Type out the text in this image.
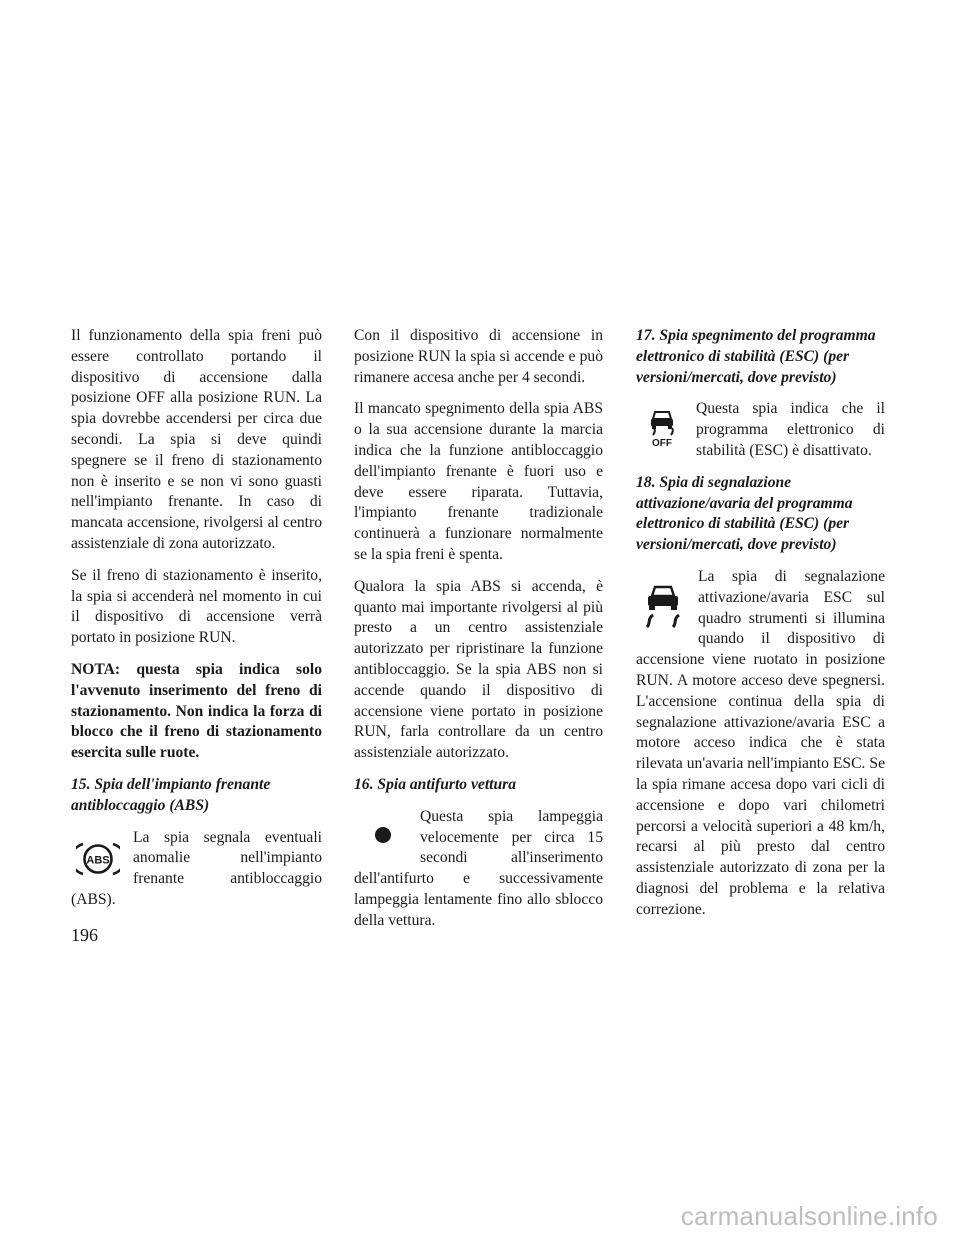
Il funzionamento della spia freni può essere controllato portando il dispositivo di accensione dalla posizione OFF alla posizione RUN. La spia dovrebbe accendersi per circa due secondi. La spia si deve quindi spegnere se il freno di stazionamento non è inserito e se non vi sono guasti nell'impianto frenante. In caso di mancata accensione, rivolgersi al centro assistenziale di zona autorizzato.

Se il freno di stazionamento è inserito, la spia si accenderà nel momento in cui il dispositivo di accensione verrà portato in posizione RUN.

NOTA: questa spia indica solo l'avvenuto inserimento del freno di stazionamento. Non indica la forza di blocco che il freno di stazionamento esercita sulle ruote.

15. Spia dell'impianto frenante antibloccaggio (ABS)

ABS

La spia segnala eventuali anomalie nell'impianto frenante antibloccaggio (ABS).

Con il dispositivo di accensione in posizione RUN la spia si accende e può rimanere accesa anche per 4 secondi.

Il mancato spegnimento della spia ABS o la sua accensione durante la marcia indica che la funzione antibloccaggio dell'impianto frenante è fuori uso e deve essere riparata. Tuttavia, l'impianto frenante tradizionale continuerà a funzionare normalmente se la spia freni è spenta.

Qualora la spia ABS si accenda, è quanto mai importante rivolgersi al più presto a un centro assistenziale autorizzato per ripristinare la funzione antibloccaggio. Se la spia ABS non si accende quando il dispositivo di accensione viene portato in posizione RUN, farla controllare da un centro assistenziale autorizzato.

16. Spia antifurto vettura

Questa spia lampeggia velocemente per circa 15 secondi all'inserimento dell'antifurto e successivamente lampeggia lentamente fino allo sblocco della vettura.

17. Spia spegnimento del programma elettronico di stabilità (ESC) (per versioni/mercati, dove previsto)

OFF

Questa spia indica che il programma elettronico di stabilità (ESC) è disattivato.

18. Spia di segnalazione attivazione/avaria del programma elettronico di stabilità (ESC) (per versioni/mercati, dove previsto)

La spia di segnalazione attivazione/avaria ESC sul quadro strumenti si illumina quando il dispositivo di accensione viene ruotato in posizione RUN. A motore acceso deve spegnersi. L'accensione continua della spia di segnalazione attivazione/avaria ESC a motore acceso indica che è stata rilevata un'avaria nell'impianto ESC. Se la spia rimane accesa dopo vari cicli di accensione e dopo vari chilometri percorsi a velocità superiori a 48 km/h, recarsi al più presto dal centro assistenziale autorizzato di zona per la diagnosi del problema e la relativa correzione.

196
carmanualsonline.info
